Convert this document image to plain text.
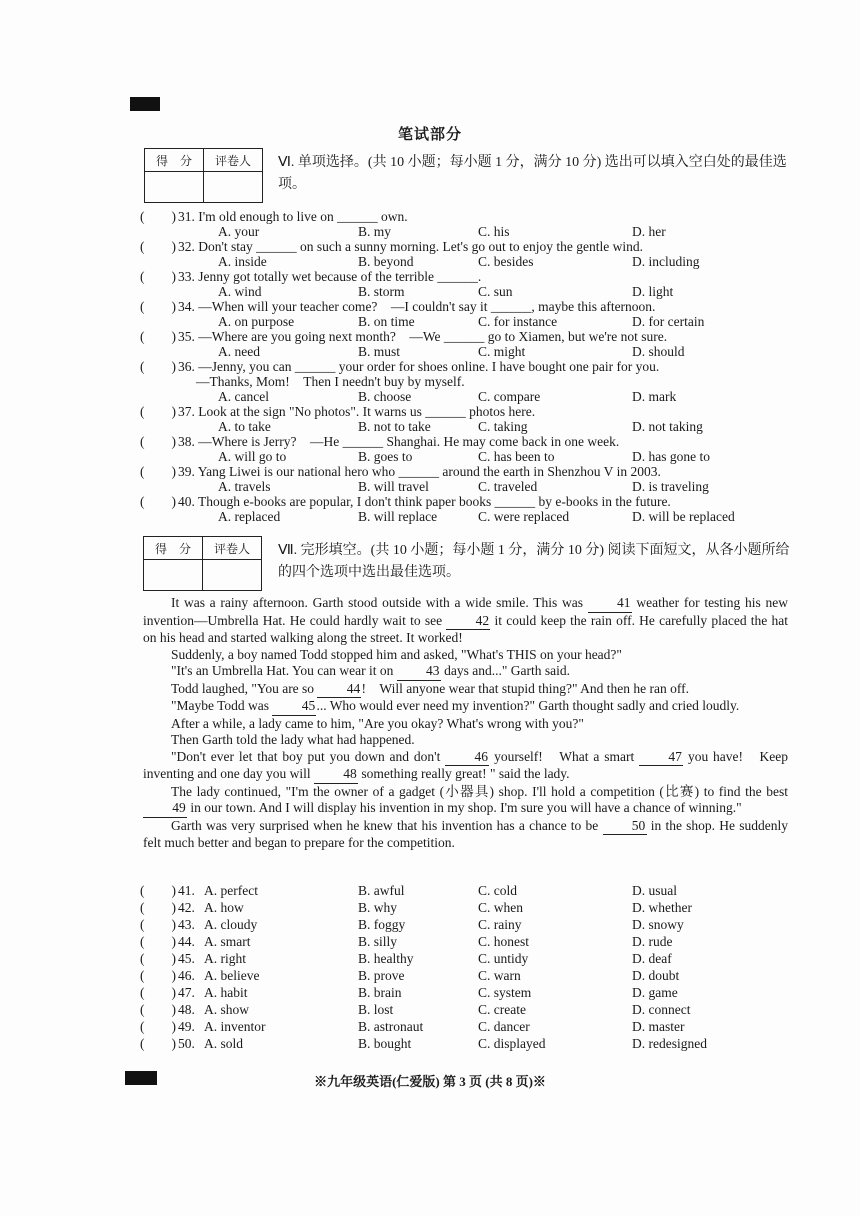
笔试部分
得　分	评卷人
	Ⅵ. 单项选择。(共 10 小题；每小题 1 分，满分 10 分) 选出可以填入空白处的最佳选项。
(　　) 31. I'm old enough to live on ______ own.
A. your	B. my	C. his	D. her
(　　) 32. Don't stay ______ on such a sunny morning. Let's go out to enjoy the gentle wind.
A. inside	B. beyond	C. besides	D. including
(　　) 33. Jenny got totally wet because of the terrible ______.
A. wind	B. storm	C. sun	D. light
(　　) 34. —When will your teacher come?　—I couldn't say it ______, maybe this afternoon.
A. on purpose	B. on time	C. for instance	D. for certain
(　　) 35. —Where are you going next month?　—We ______ go to Xiamen, but we're not sure.
A. need	B. must	C. might	D. should
(　　) 36. —Jenny, you can ______ your order for shoes online. I have bought one pair for you.
—Thanks, Mom!　Then I needn't buy by myself.
A. cancel	B. choose	C. compare	D. mark
(　　) 37. Look at the sign "No photos". It warns us ______ photos here.
A. to take	B. not to take	C. taking	D. not taking
(　　) 38. —Where is Jerry?　—He ______ Shanghai. He may come back in one week.
A. will go to	B. goes to	C. has been to	D. has gone to
(　　) 39. Yang Liwei is our national hero who ______ around the earth in Shenzhou V in 2003.
A. travels	B. will travel	C. traveled	D. is traveling
(　　) 40. Though e-books are popular, I don't think paper books ______ by e-books in the future.
A. replaced	B. will replace	C. were replaced	D. will be replaced
得　分	评卷人
	Ⅶ. 完形填空。(共 10 小题；每小题 1 分，满分 10 分) 阅读下面短文，从各小题所给的四个选项中选出最佳选项。

It was a rainy afternoon. Garth stood outside with a wide smile. This was 41 weather for testing his new invention—Umbrella Hat. He could hardly wait to see 42 it could keep the rain off. He carefully placed the hat on his head and started walking along the street. It worked!

Suddenly, a boy named Todd stopped him and asked, "What's THIS on your head?"

"It's an Umbrella Hat. You can wear it on 43 days and..." Garth said.

Todd laughed, "You are so 44!　Will anyone wear that stupid thing?" And then he ran off.

"Maybe Todd was 45... Who would ever need my invention?" Garth thought sadly and cried loudly.

After a while, a lady came to him, "Are you okay? What's wrong with you?"

Then Garth told the lady what had happened.

"Don't ever let that boy put you down and don't 46 yourself!　What a smart 47 you have!　Keep inventing and one day you will 48 something really great! " said the lady.

The lady continued, "I'm the owner of a gadget (小器具) shop. I'll hold a competition (比赛) to find the best 49 in our town. And I will display his invention in my shop. I'm sure you will have a chance of winning."

Garth was very surprised when he knew that his invention has a chance to be 50 in the shop. He suddenly felt much better and began to prepare for the competition.

(　　) 41. A. perfect	B. awful	C. cold	D. usual
(　　) 42. A. how	B. why	C. when	D. whether
(　　) 43. A. cloudy	B. foggy	C. rainy	D. snowy
(　　) 44. A. smart	B. silly	C. honest	D. rude
(　　) 45. A. right	B. healthy	C. untidy	D. deaf
(　　) 46. A. believe	B. prove	C. warn	D. doubt
(　　) 47. A. habit	B. brain	C. system	D. game
(　　) 48. A. show	B. lost	C. create	D. connect
(　　) 49. A. inventor	B. astronaut	C. dancer	D. master
(　　) 50. A. sold	B. bought	C. displayed	D. redesigned
※九年级英语(仁爱版) 第 3 页 (共 8 页)※
